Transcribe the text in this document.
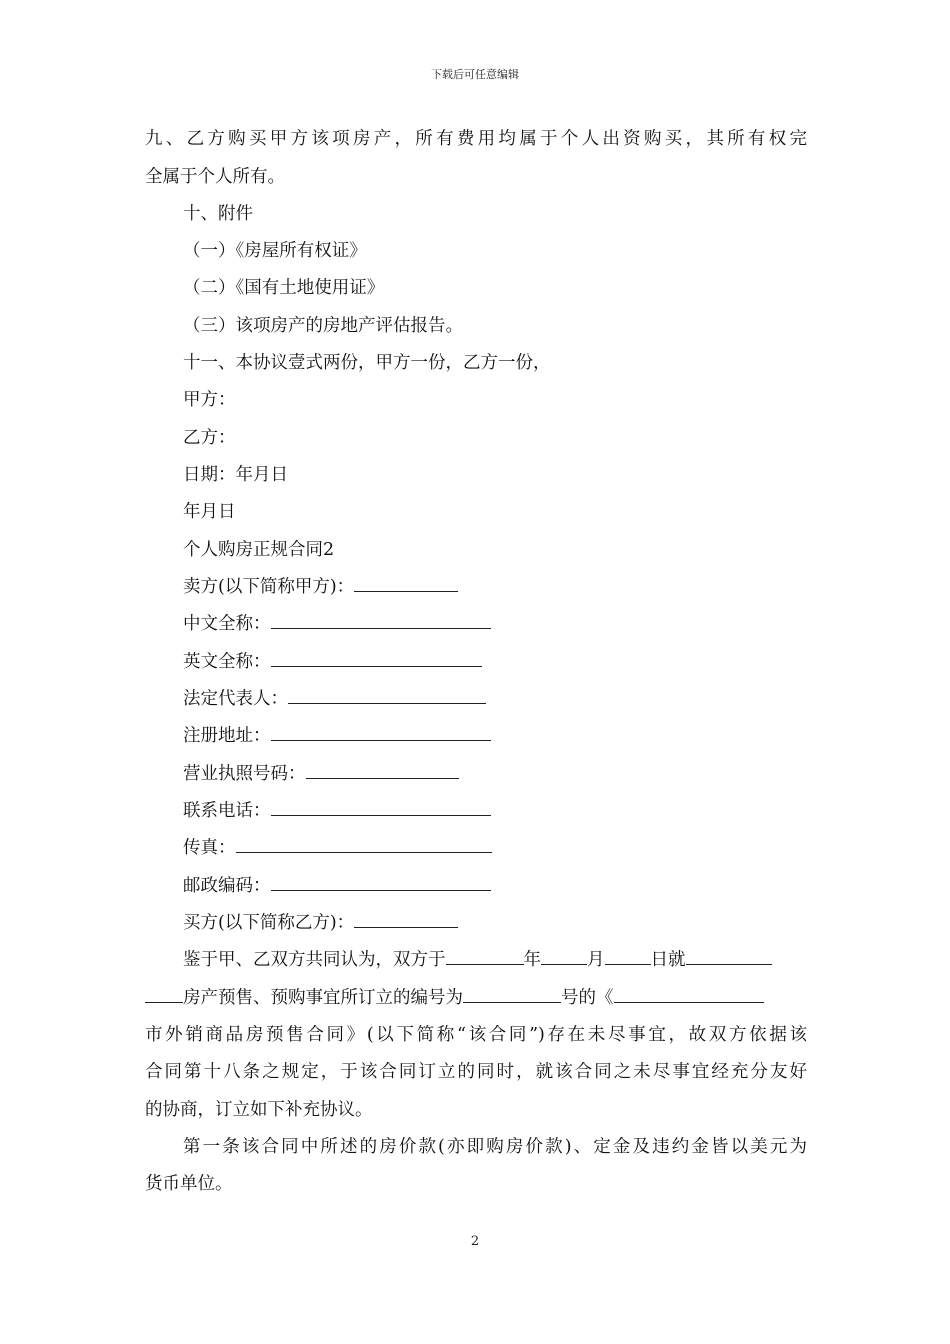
下载后可任意编辑
九、乙方购买甲方该项房产，所有费用均属于个人出资购买，其所有权完
全属于个人所有。
十、附件
（一）《房屋所有权证》
（二）《国有土地使用证》
（三）该项房产的房地产评估报告。
十一、本协议壹式两份，甲方一份，乙方一份，
甲方：
乙方：
日期：年月日
年月日
个人购房正规合同2
卖方(以下简称甲方)：
中文全称：
英文全称：
法定代表人：
注册地址：
营业执照号码：
联系电话：
传真：
邮政编码：
买方(以下简称乙方)：
鉴于甲、乙双方共同认为，双方于	年	月	日就
房产预售、预购事宜所订立的编号为	号的《
市外销商品房预售合同》(以下简称“该合同”)存在未尽事宜，故双方依据该
合同第十八条之规定，于该合同订立的同时，就该合同之未尽事宜经充分友好
的协商，订立如下补充协议。
第一条该合同中所述的房价款(亦即购房价款)、定金及违约金皆以美元为
货币单位。
2
